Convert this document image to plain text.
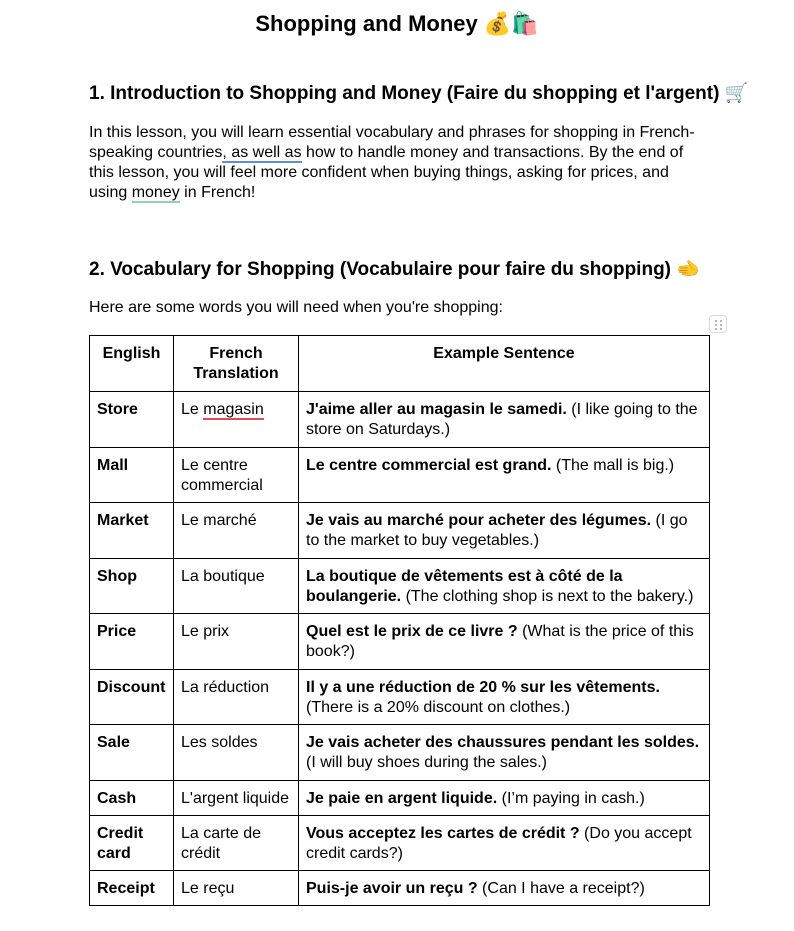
Shopping and Money 💰🛍️
1. Introduction to Shopping and Money (Faire du shopping et l'argent) 🛒
In this lesson, you will learn essential vocabulary and phrases for shopping in French-speaking countries, as well as how to handle money and transactions. By the end of this lesson, you will feel more confident when buying things, asking for prices, and using money in French!
2. Vocabulary for Shopping (Vocabulaire pour faire du shopping) 🫲
Here are some words you will need when you're shopping:
English	French Translation	Example Sentence
Store	Le magasin	J'aime aller au magasin le samedi. (I like going to the store on Saturdays.)
Mall	Le centre commercial	Le centre commercial est grand. (The mall is big.)
Market	Le marché	Je vais au marché pour acheter des légumes. (I go to the market to buy vegetables.)
Shop	La boutique	La boutique de vêtements est à côté de la boulangerie. (The clothing shop is next to the bakery.)
Price	Le prix	Quel est le prix de ce livre ? (What is the price of this book?)
Discount	La réduction	Il y a une réduction de 20 % sur les vêtements. (There is a 20% discount on clothes.)
Sale	Les soldes	Je vais acheter des chaussures pendant les soldes. (I will buy shoes during the sales.)
Cash	L'argent liquide	Je paie en argent liquide. (I’m paying in cash.)
Credit card	La carte de crédit	Vous acceptez les cartes de crédit ? (Do you accept credit cards?)
Receipt	Le reçu	Puis-je avoir un reçu ? (Can I have a receipt?)
